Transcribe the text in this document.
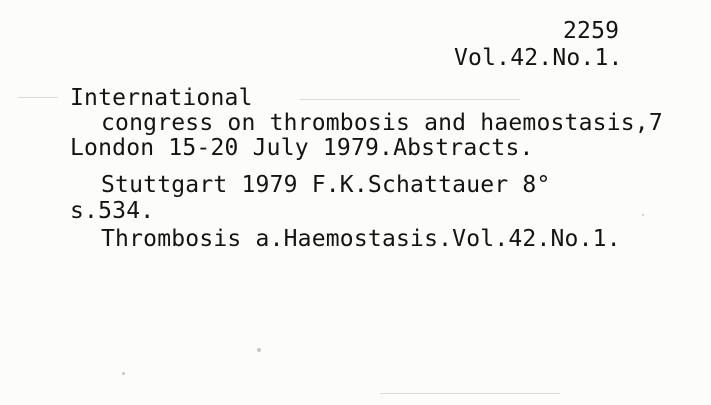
2259
Vol.42.No.1.
International
congress on thrombosis and haemostasis,7
London 15-20 July 1979.Abstracts.
Stuttgart 1979 F.K.Schattauer 8°
s.534.
Thrombosis a.Haemostasis.Vol.42.No.1.
